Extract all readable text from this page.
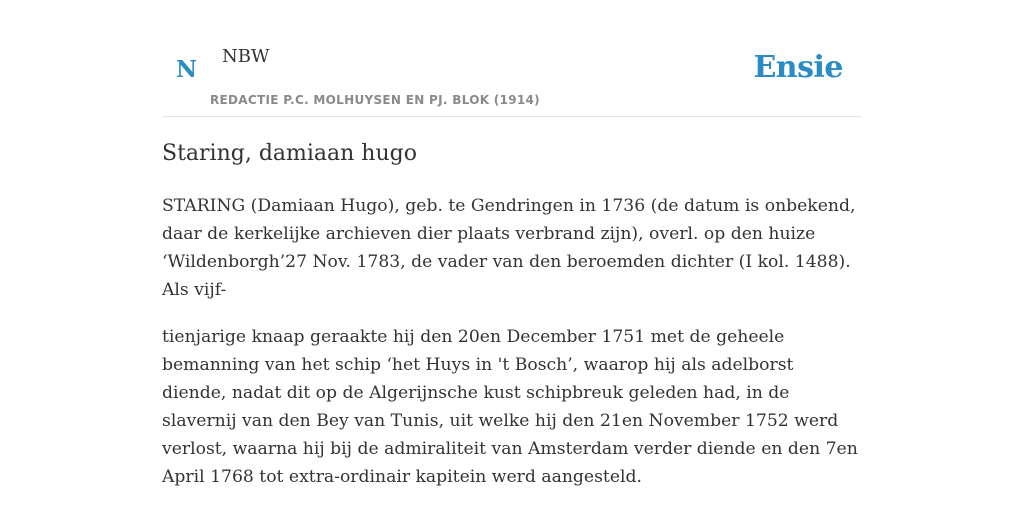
N NBW
REDACTIE P.C. MOLHUYSEN EN PJ. BLOK (1914)
Ensie
Staring, damiaan hugo

STARING (Damiaan Hugo), geb. te Gendringen in 1736 (de datum is onbekend, daar de kerkelijke archieven dier plaats verbrand zijn), overl. op den huize ‘Wildenborgh’27 Nov. 1783, de vader van den beroemden dichter (I kol. 1488). Als vijf-

tienjarige knaap geraakte hij den 20en December 1751 met de geheele bemanning van het schip ‘het Huys in 't Bosch’, waarop hij als adelborst diende, nadat dit op de Algerijnsche kust schipbreuk geleden had, in de slavernij van den Bey van Tunis, uit welke hij den 21en November 1752 werd verlost, waarna hij bij de admiraliteit van Amsterdam verder diende en den 7en April 1768 tot extra-ordinair kapitein werd aangesteld.
